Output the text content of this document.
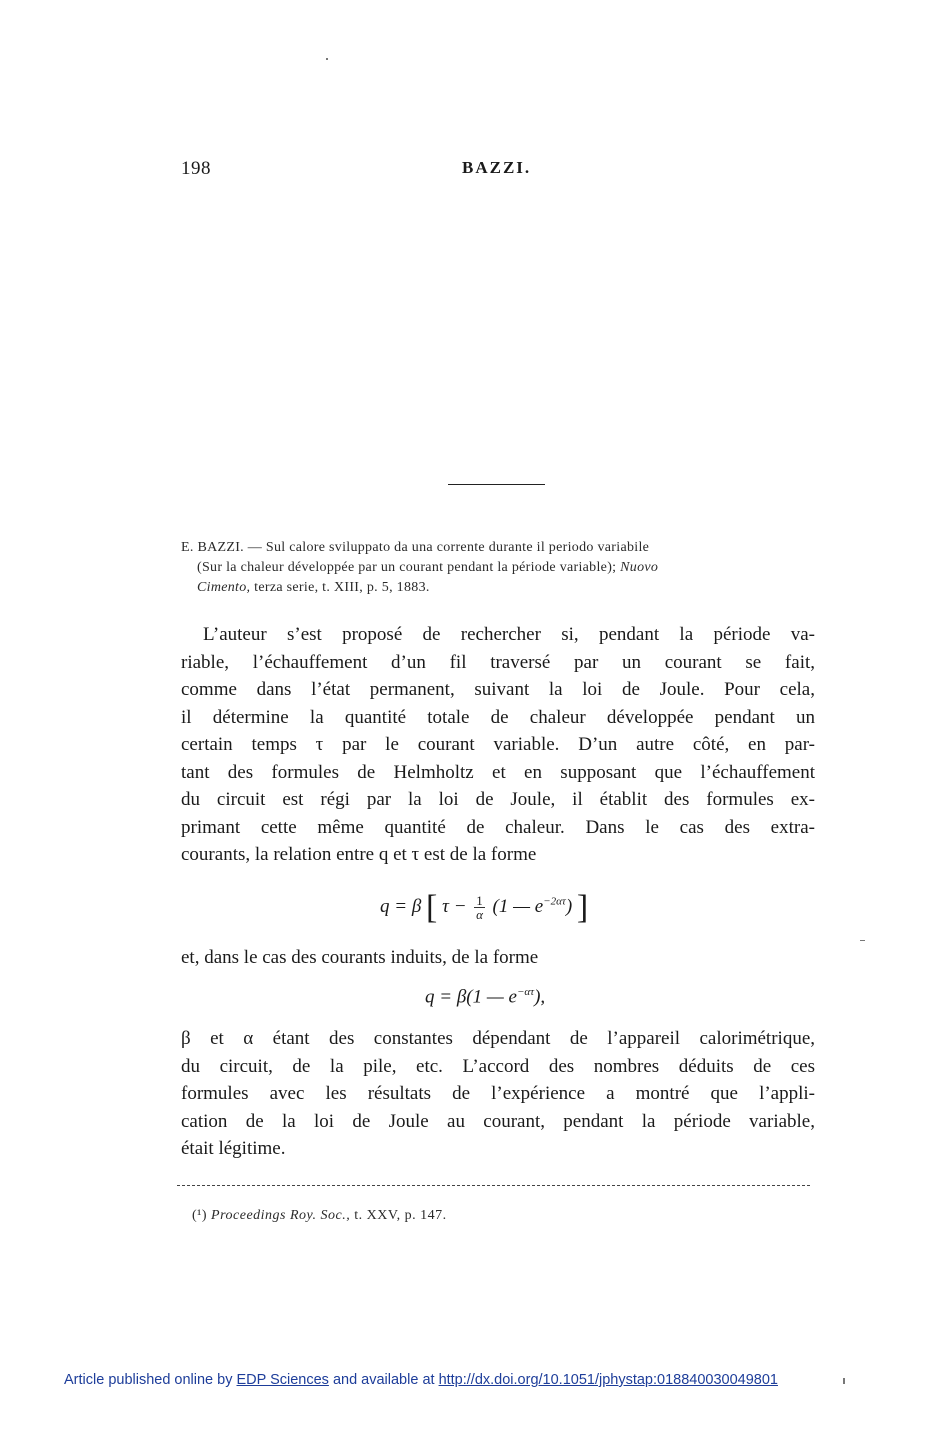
198	BAZZI.
E. BAZZI. — Sul calore sviluppato da una corrente durante il periodo variabile
(Sur la chaleur développée par un courant pendant la période variable); Nuovo
Cimento, terza serie, t. XIII, p. 5, 1883.
L’auteur s’est proposé de rechercher si, pendant la période va-
riable, l’échauffement d’un fil traversé par un courant se fait,
comme dans l’état permanent, suivant la loi de Joule. Pour cela,
il détermine la quantité totale de chaleur développée pendant un
certain temps τ par le courant variable. D’un autre côté, en par-
tant des formules de Helmholtz et en supposant que l’échauffement
du circuit est régi par la loi de Joule, il établit des formules ex-
primant cette même quantité de chaleur. Dans le cas des extra-
courants, la relation entre q et τ est de la forme
q = β [ $\tau - \frac{1}{\alpha} (1$ — $e^{-2\alpha\tau}$) ]
et, dans le cas des courants induits, de la forme
q = β(1 — $e^{-\alpha\tau}$),
β et α étant des constantes dépendant de l’appareil calorimétrique,
du circuit, de la pile, etc. L’accord des nombres déduits de ces
formules avec les résultats de l’expérience a montré que l’appli-
cation de la loi de Joule au courant, pendant la période variable,
était légitime.
(¹) Proceedings Roy. Soc., t. XXV, p. 147.
Article published online by EDP Sciences and available at http://dx.doi.org/10.1051/jphystap:018840030049801
